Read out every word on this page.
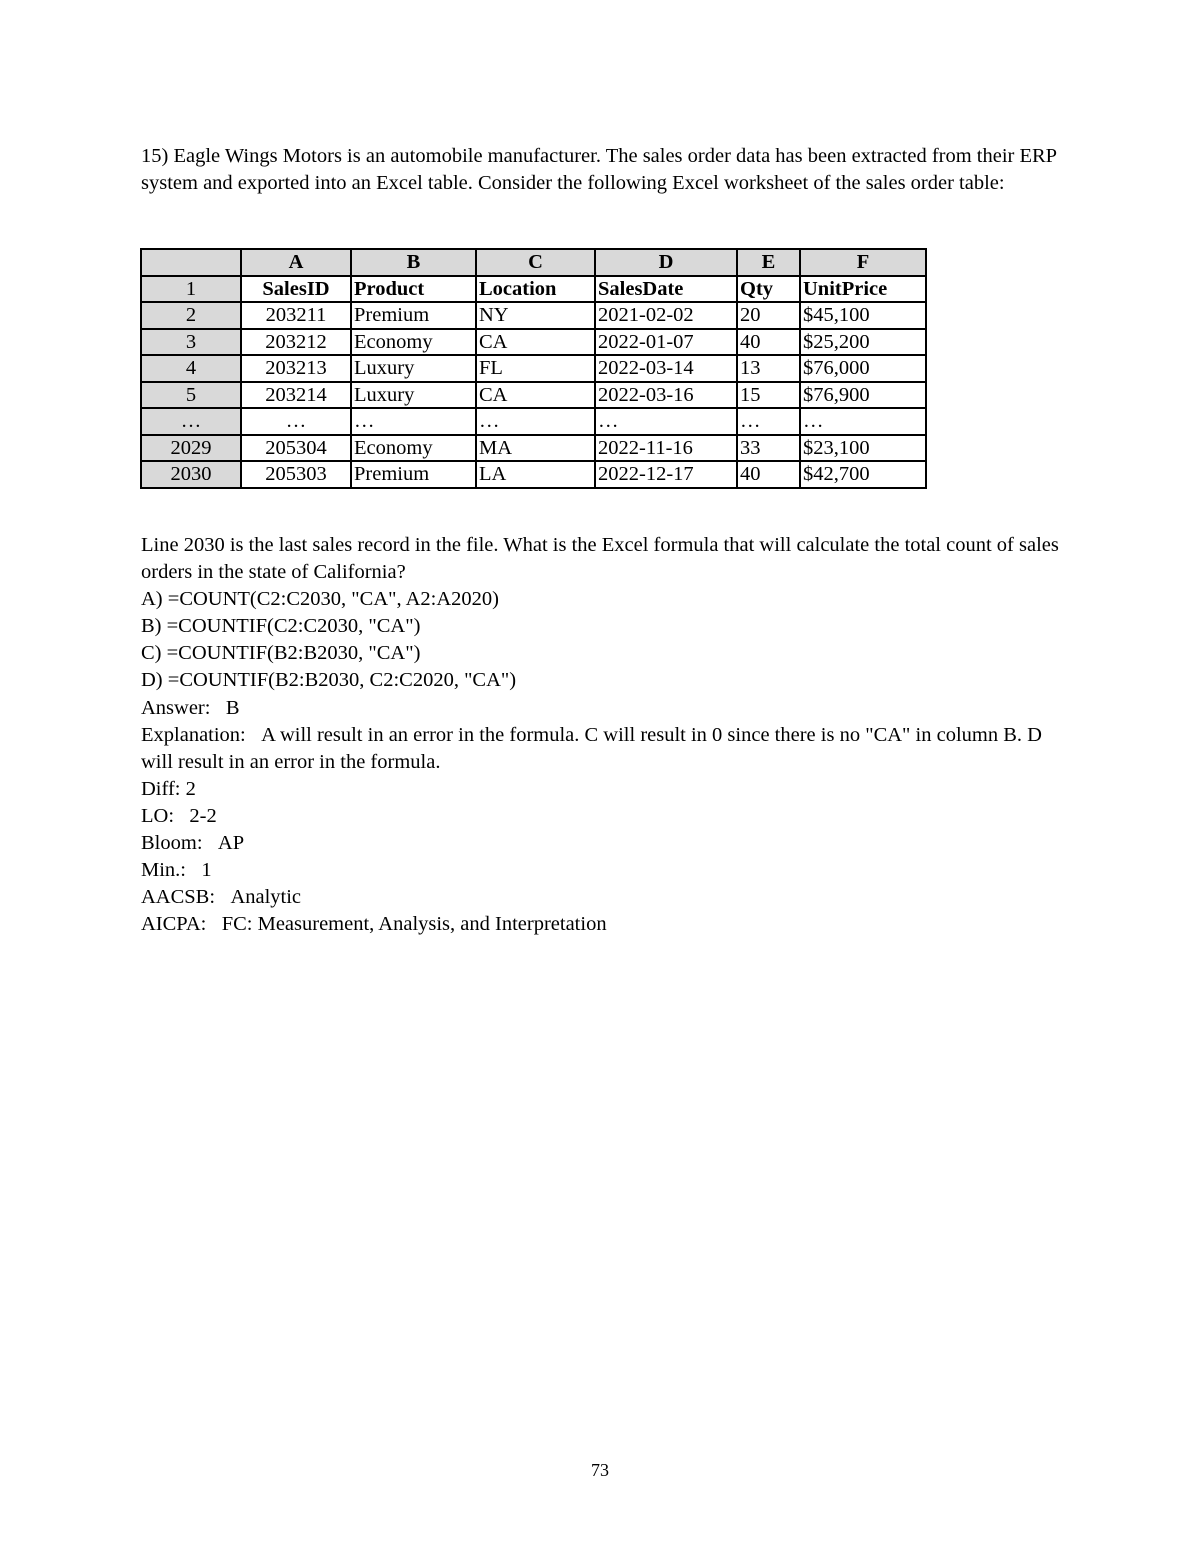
15) Eagle Wings Motors is an automobile manufacturer. The sales order data has been extracted from their ERP system and exported into an Excel table. Consider the following Excel worksheet of the sales order table:

	A	B	C	D	E	F
1	SalesID	Product	Location	SalesDate	Qty	UnitPrice
2	203211	Premium	NY	2021-02-02	20	$45,100
3	203212	Economy	CA	2022-01-07	40	$25,200
4	203213	Luxury	FL	2022-03-14	13	$76,000
5	203214	Luxury	CA	2022-03-16	15	$76,900
…	…	…	…	…	…	…
2029	205304	Economy	MA	2022-11-16	33	$23,100
2030	205303	Premium	LA	2022-12-17	40	$42,700
Line 2030 is the last sales record in the file. What is the Excel formula that will calculate the total count of sales orders in the state of California?
A) =COUNT(C2:C2030, "CA", A2:A2020)
B) =COUNTIF(C2:C2030, "CA")
C) =COUNTIF(B2:B2030, "CA")
D) =COUNTIF(B2:B2030, C2:C2020, "CA")
Answer: B
Explanation: A will result in an error in the formula. C will result in 0 since there is no "CA" in column B. D will result in an error in the formula.
Diff: 2
LO: 2-2
Bloom: AP
Min.: 1
AACSB: Analytic
AICPA: FC: Measurement, Analysis, and Interpretation
73
